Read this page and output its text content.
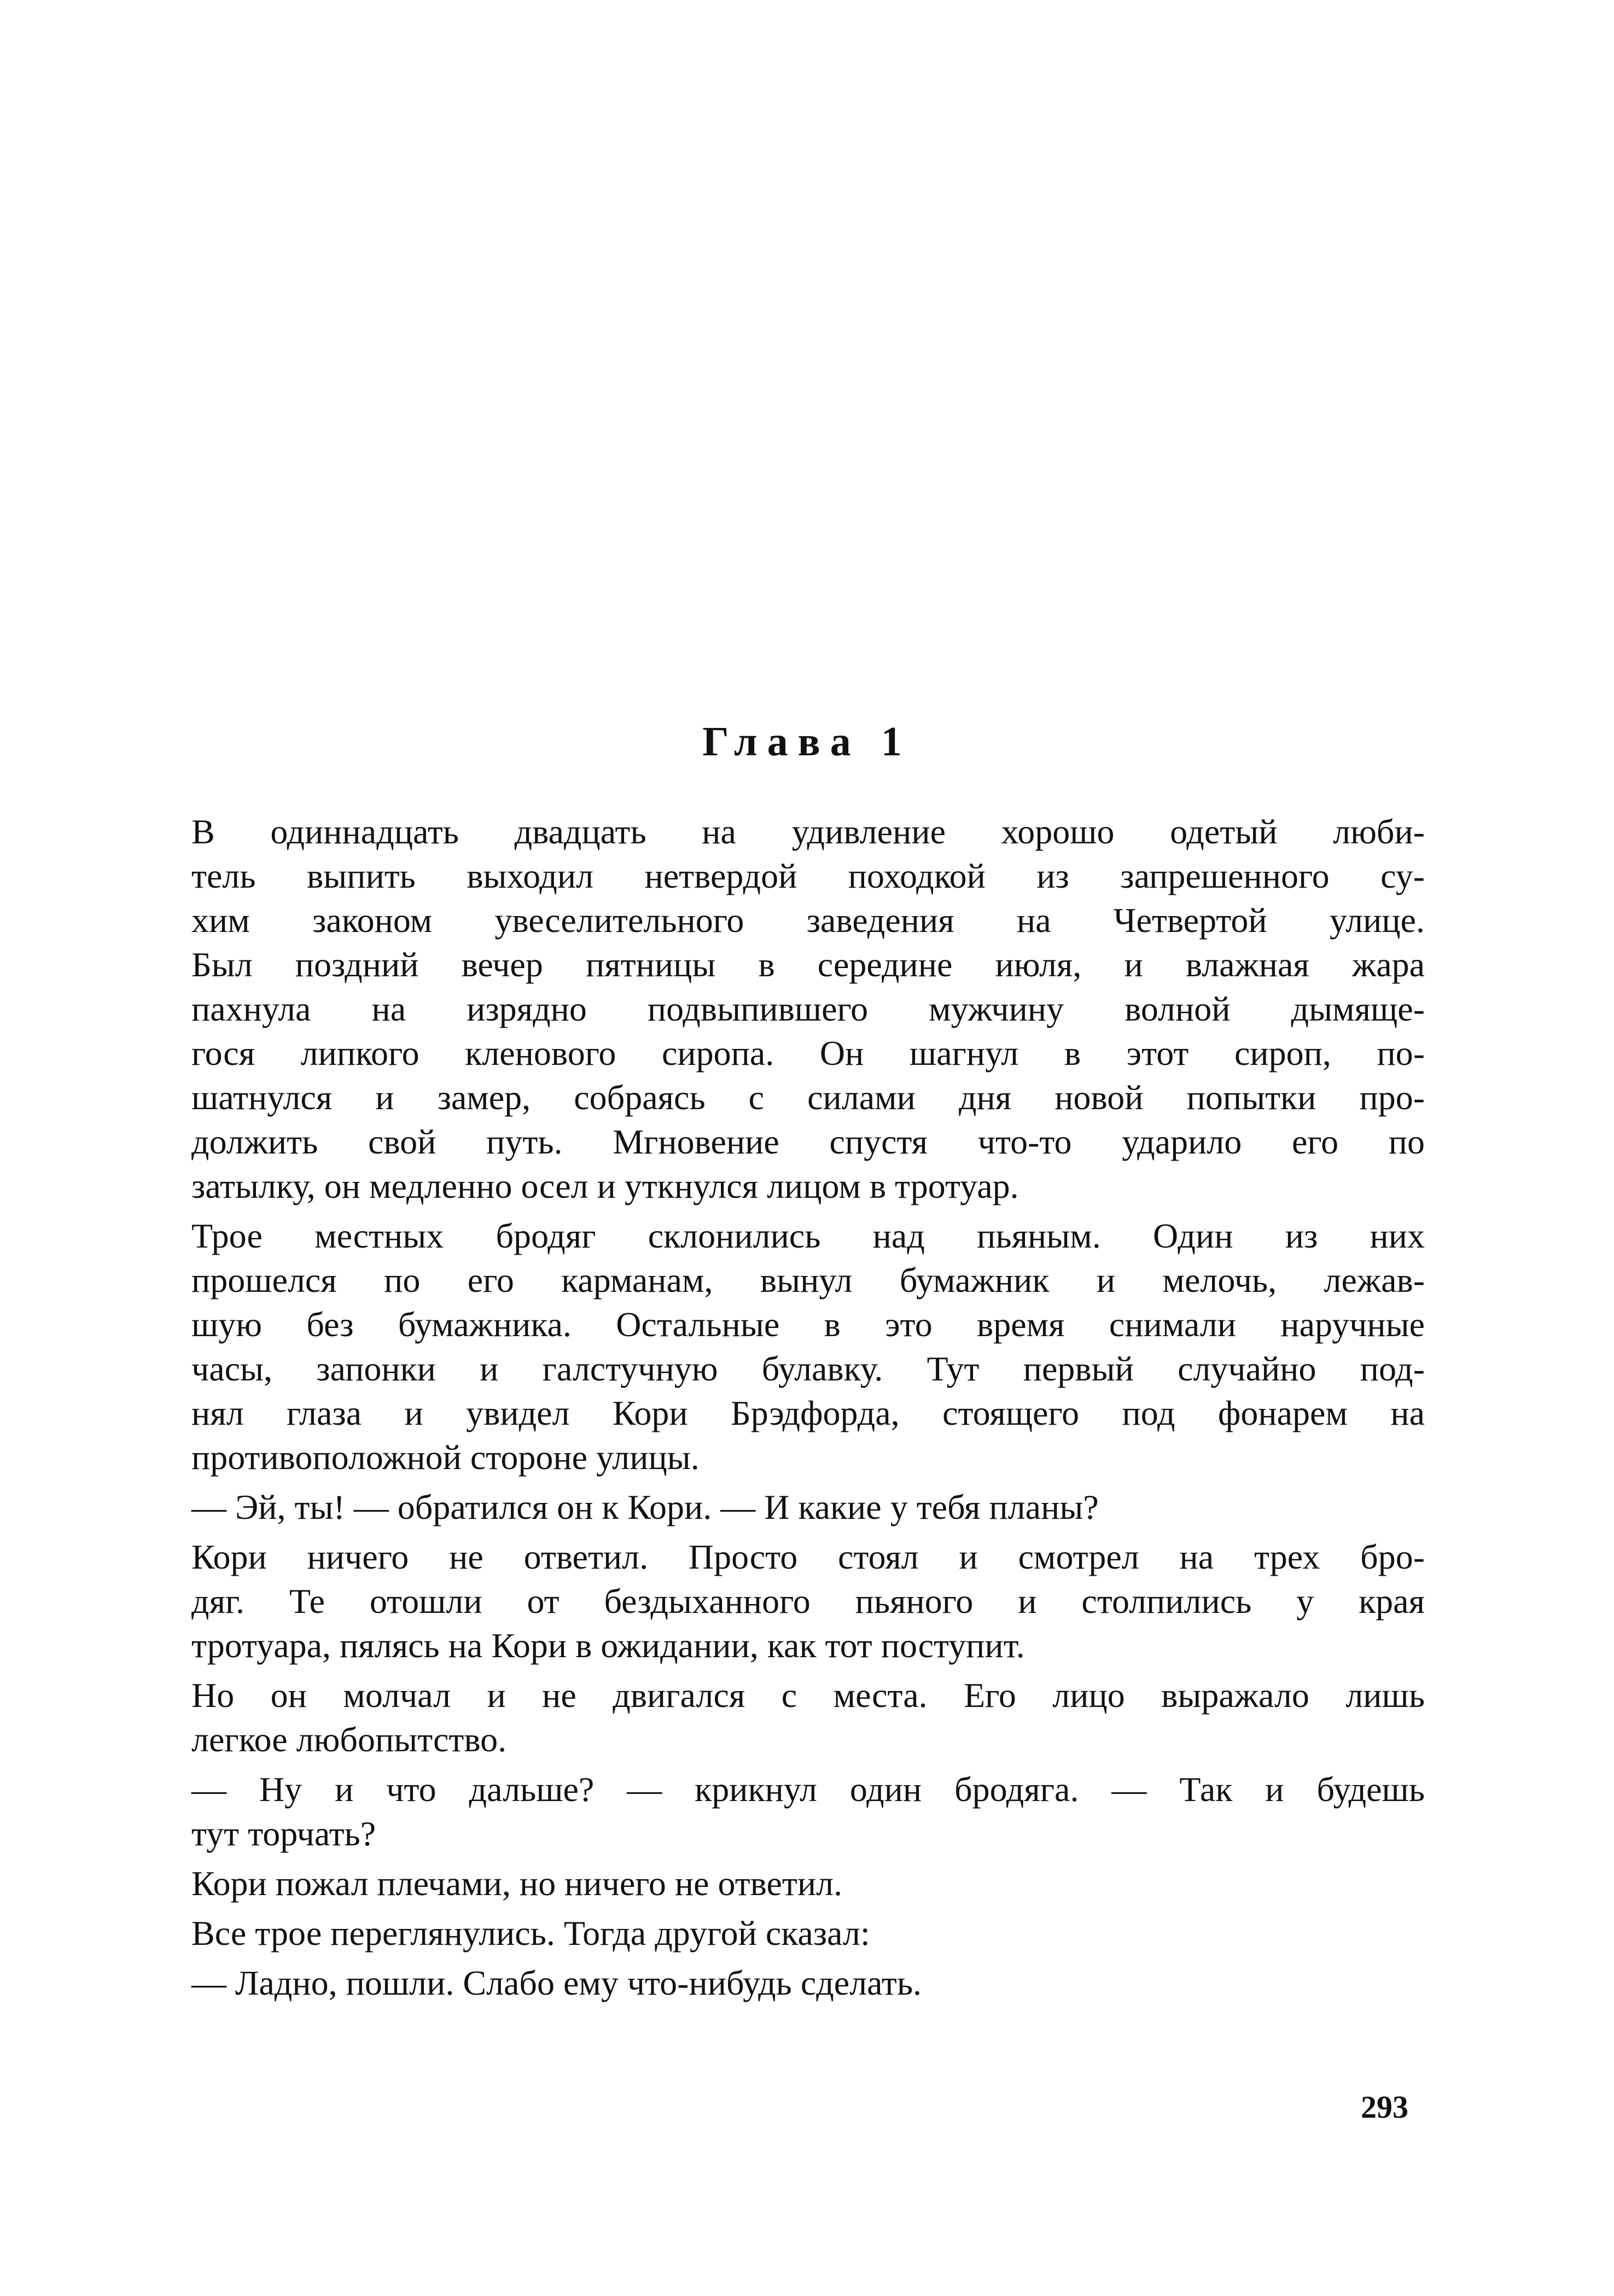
Глава 1
В одиннадцать двадцать на удивление хорошо одетый люби-
тель выпить выходил нетвердой походкой из запрешенного су-
хим законом увеселительного заведения на Четвертой улице.
Был поздний вечер пятницы в середине июля, и влажная жара
пахнула на изрядно подвыпившего мужчину волной дымяще-
гося липкого кленового сиропа. Он шагнул в этот сироп, по-
шатнулся и замер, собраясь с силами дня новой попытки про-
должить свой путь. Мгновение спустя что-то ударило его по
затылку, он медленно осел и уткнулся лицом в тротуар.
Трое местных бродяг склонились над пьяным. Один из них
прошелся по его карманам, вынул бумажник и мелочь, лежав-
шую без бумажника. Остальные в это время снимали наручные
часы, запонки и галстучную булавку. Тут первый случайно под-
нял глаза и увидел Кори Брэдфорда, стоящего под фонарем на
противоположной стороне улицы.
— Эй, ты! — обратился он к Кори. — И какие у тебя планы?
Кори ничего не ответил. Просто стоял и смотрел на трех бро-
дяг. Те отошли от бездыханного пьяного и столпились у края
тротуара, пялясь на Кори в ожидании, как тот поступит.
Но он молчал и не двигался с места. Его лицо выражало лишь
легкое любопытство.
— Ну и что дальше? — крикнул один бродяга. — Так и будешь
тут торчать?
Кори пожал плечами, но ничего не ответил.
Все трое переглянулись. Тогда другой сказал:
— Ладно, пошли. Слабо ему что-нибудь сделать.
293
